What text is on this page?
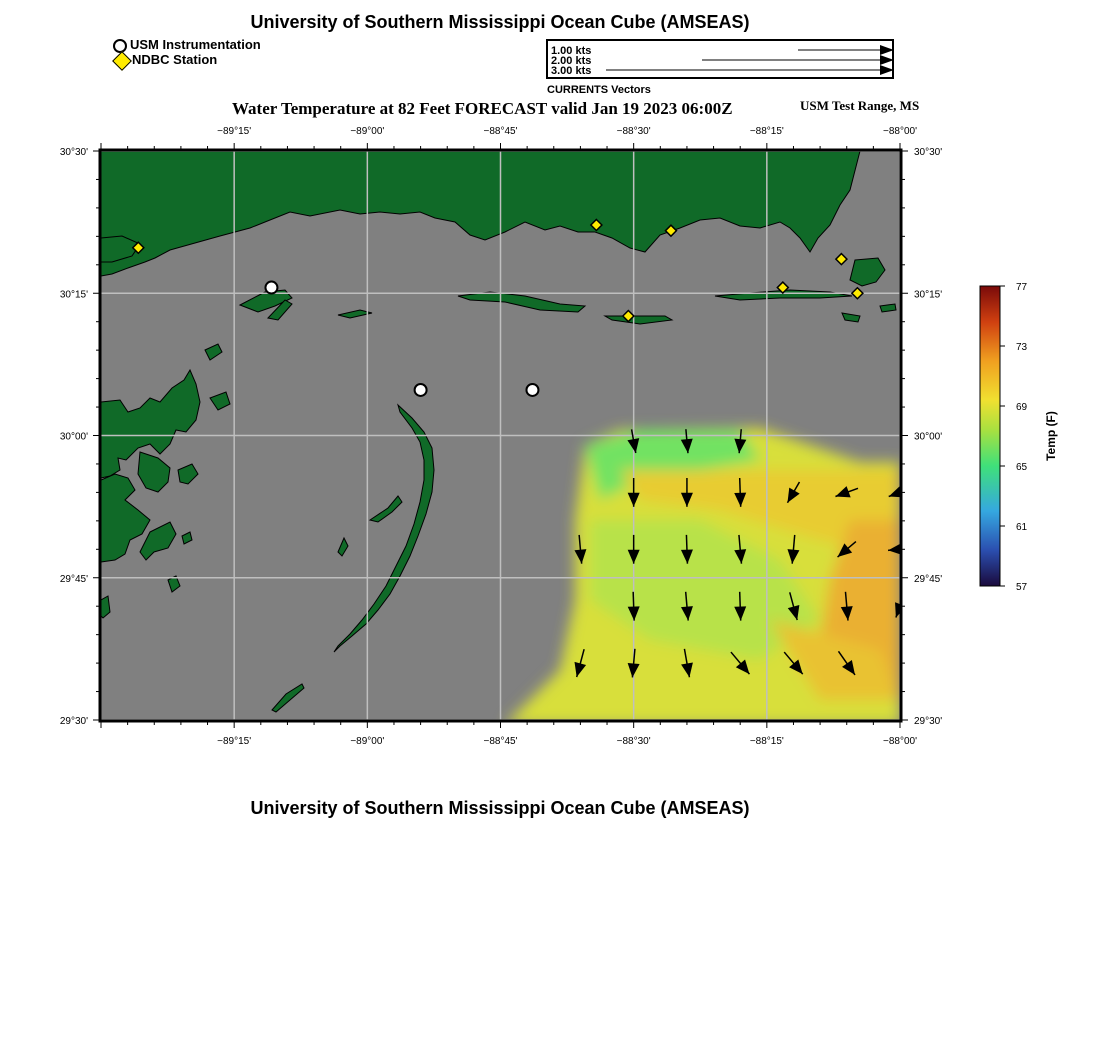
University of Southern Mississippi Ocean Cube (AMSEAS)
USM Instrumentation
NDBC Station
1.00 kts
2.00 kts
3.00 kts
CURRENTS Vectors
Water Temperature at 82 Feet FORECAST valid Jan 19 2023 06:00Z	USM Test Range, MS
−89°15'
−89°15'
−89°00'
−89°00'
−88°45'
−88°45'
−88°30'
−88°30'
−88°15'
−88°15'
−88°00'
−88°00'
30°30'	30°30'
30°15'	30°15'
30°00'	30°00'
29°45'	29°45'
29°30'	29°30'
77
73
69
65
61
57
Temp (F)
University of Southern Mississippi Ocean Cube (AMSEAS)
